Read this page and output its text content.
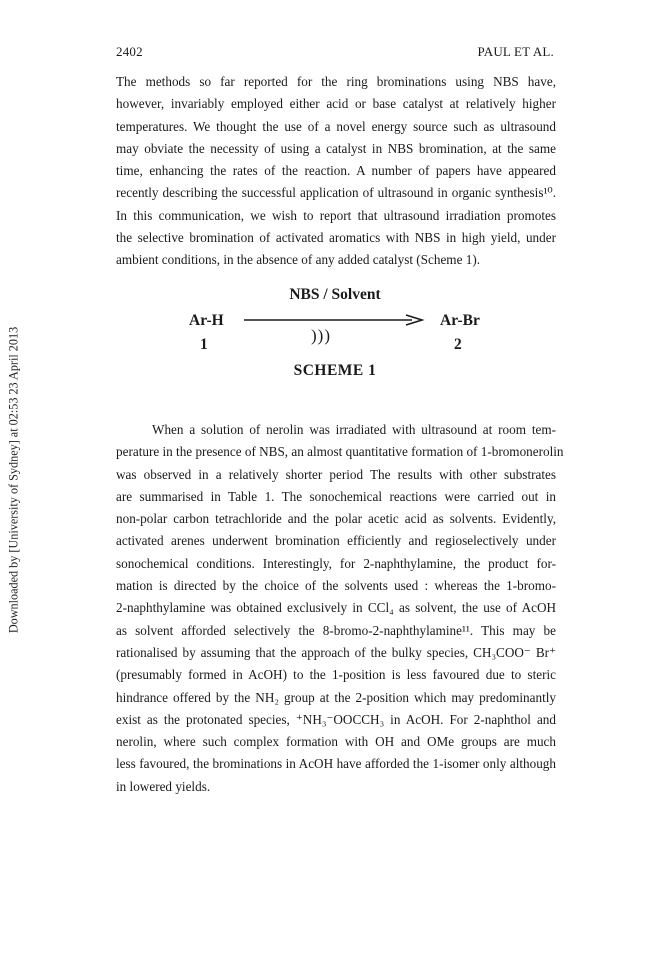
2402	PAUL ET AL.
Downloaded by [University of Sydney] at 02:53 23 April 2013
The methods so far reported for the ring brominations using NBS have,
however, invariably employed either acid or base catalyst at relatively higher
temperatures. We thought the use of a novel energy source such as ultrasound
may obviate the necessity of using a catalyst in NBS bromination, at the same
time, enhancing the rates of the reaction. A number of papers have appeared
recently describing the successful application of ultrasound in organic synthesis¹⁰.
In this communication, we wish to report that ultrasound irradiation promotes
the selective bromination of activated aromatics with NBS in high yield, under
ambient conditions, in the absence of any added catalyst (Scheme 1).
NBS / Solvent
Ar-H	Ar-Br
)))
1	2
SCHEME 1
When a solution of nerolin was irradiated with ultrasound at room tem-
perature in the presence of NBS, an almost quantitative formation of 1-bromonerolin
was observed in a relatively shorter period The results with other substrates
are summarised in Table 1. The sonochemical reactions were carried out in
non-polar carbon tetrachloride and the polar acetic acid as solvents. Evidently,
activated arenes underwent bromination efficiently and regioselectively under
sonochemical conditions. Interestingly, for 2-naphthylamine, the product for-
mation is directed by the choice of the solvents used : whereas the 1-bromo-
2-naphthylamine was obtained exclusively in CCl₄ as solvent, the use of AcOH
as solvent afforded selectively the 8-bromo-2-naphthylamine¹¹. This may be
rationalised by assuming that the approach of the bulky species, CH₃COO⁻ Br⁺
(presumably formed in AcOH) to the 1-position is less favoured due to steric
hindrance offered by the NH₂ group at the 2-position which may predominantly
exist as the protonated species, ⁺NH₃⁻OOCCH₃ in AcOH. For 2-naphthol and
nerolin, where such complex formation with OH and OMe groups are much
less favoured, the brominations in AcOH have afforded the 1-isomer only although
in lowered yields.
